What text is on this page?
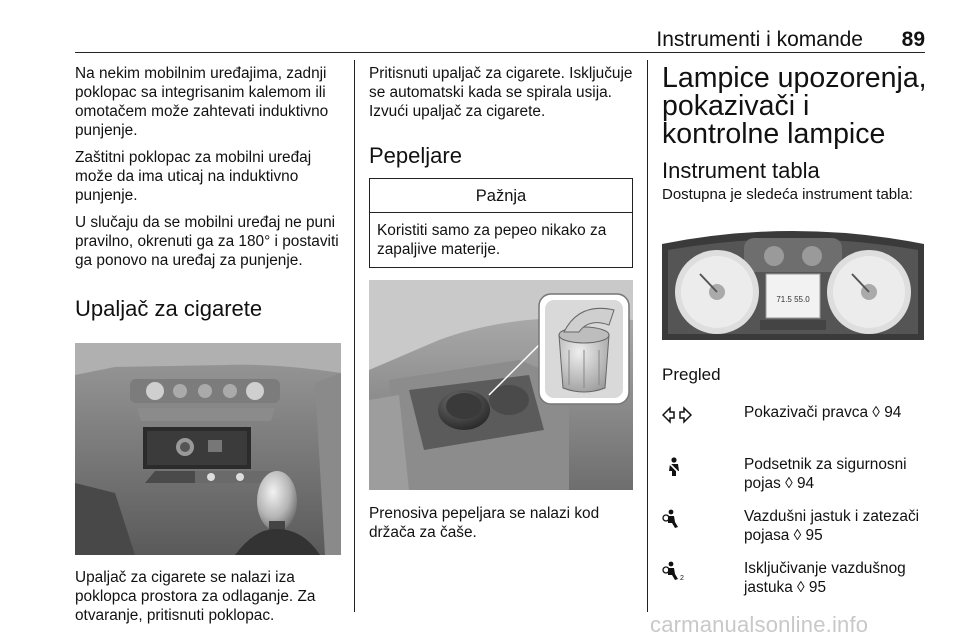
Instrumenti i komande 89

Na nekim mobilnim uređajima, zadnji poklopac sa integrisanim kalemom ili omotačem može zahtevati induktivno punjenje.

Zaštitni poklopac za mobilni uređaj može da ima uticaj na induktivno punjenje.

U slučaju da se mobilni uređaj ne puni pravilno, okrenuti ga za 180° i postaviti ga ponovo na uređaj za punjenje.

Upaljač za cigarete

Upaljač za cigarete se nalazi iza poklopca prostora za odlaganje. Za otvaranje, pritisnuti poklopac.

Pritisnuti upaljač za cigarete. Isključuje se automatski kada se spirala usija. Izvući upaljač za cigarete.

Pepeljare
Pažnja
Koristiti samo za pepeo nikako za zapaljive materije.

Prenosiva pepeljara se nalazi kod držača za čaše.

Lampice upozorenja, pokazivači i kontrolne lampice
Instrument tabla

Dostupna je sledeća instrument tabla:

71.5 55.0
Pregled
Pokazivači pravca ◊ 94
Podsetnik za sigurnosni pojas ◊ 94
Vazdušni jastuk i zatezači pojasa ◊ 95
2
Isključivanje vazdušnog jastuka ◊ 95
carmanualsonline.info
